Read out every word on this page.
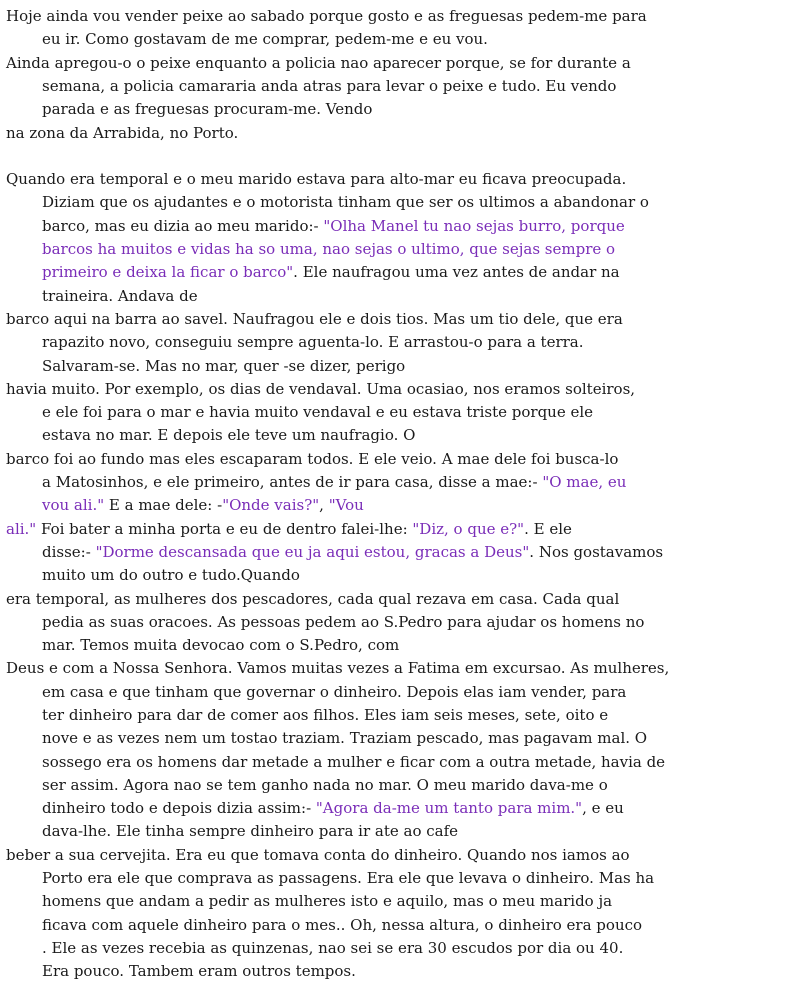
Hoje ainda vou vender peixe ao sabado porque gosto e as freguesas pedem-me para
eu ir. Como gostavam de me comprar, pedem-me e eu vou.
Ainda apregou-o o peixe enquanto a policia nao aparecer porque, se for durante a
semana, a policia camararia anda atras para levar o peixe e tudo. Eu vendo
parada e as freguesas procuram-me. Vendo
na zona da Arrabida, no Porto.
Quando era temporal e o meu marido estava para alto-mar eu ficava preocupada.
Diziam que os ajudantes e o motorista tinham que ser os ultimos a abandonar o
barco, mas eu dizia ao meu marido:- "Olha Manel tu nao sejas burro, porque
barcos ha muitos e vidas ha so uma, nao sejas o ultimo, que sejas sempre o
primeiro e deixa la ficar o barco". Ele naufragou uma vez antes de andar na
traineira. Andava de
barco aqui na barra ao savel. Naufragou ele e dois tios. Mas um tio dele, que era
rapazito novo, conseguiu sempre aguenta-lo. E arrastou-o para a terra.
Salvaram-se. Mas no mar, quer -se dizer, perigo
havia muito. Por exemplo, os dias de vendaval. Uma ocasiao, nos eramos solteiros,
e ele foi para o mar e havia muito vendaval e eu estava triste porque ele
estava no mar. E depois ele teve um naufragio. O
barco foi ao fundo mas eles escaparam todos. E ele veio. A mae dele foi busca-lo
a Matosinhos, e ele primeiro, antes de ir para casa, disse a mae:- "O mae, eu
vou ali." E a mae dele: -"Onde vais?", "Vou
ali." Foi bater a minha porta e eu de dentro falei-lhe: "Diz, o que e?". E ele
disse:- "Dorme descansada que eu ja aqui estou, gracas a Deus". Nos gostavamos
muito um do outro e tudo.Quando
era temporal, as mulheres dos pescadores, cada qual rezava em casa. Cada qual
pedia as suas oracoes. As pessoas pedem ao S.Pedro para ajudar os homens no
mar. Temos muita devocao com o S.Pedro, com
Deus e com a Nossa Senhora. Vamos muitas vezes a Fatima em excursao. As mulheres,
em casa e que tinham que governar o dinheiro. Depois elas iam vender, para
ter dinheiro para dar de comer aos filhos. Eles iam seis meses, sete, oito e
nove e as vezes nem um tostao traziam. Traziam pescado, mas pagavam mal. O
sossego era os homens dar metade a mulher e ficar com a outra metade, havia de
ser assim. Agora nao se tem ganho nada no mar. O meu marido dava-me o
dinheiro todo e depois dizia assim:- "Agora da-me um tanto para mim.", e eu
dava-lhe. Ele tinha sempre dinheiro para ir ate ao cafe
beber a sua cervejita. Era eu que tomava conta do dinheiro. Quando nos iamos ao
Porto era ele que comprava as passagens. Era ele que levava o dinheiro. Mas ha
homens que andam a pedir as mulheres isto e aquilo, mas o meu marido ja
ficava com aquele dinheiro para o mes.. Oh, nessa altura, o dinheiro era pouco
. Ele as vezes recebia as quinzenas, nao sei se era 30 escudos por dia ou 40.
Era pouco. Tambem eram outros tempos.
